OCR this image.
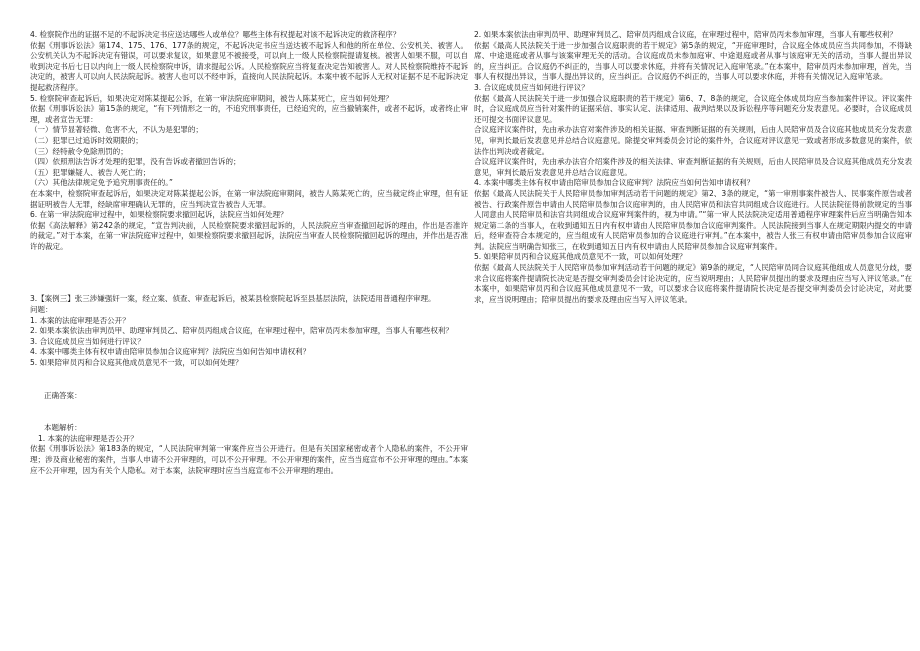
4. 检察院作出的证据不足的不起诉决定书应送达哪些人或单位？哪些主体有权提起对该不起诉决定的救济程序？

依据《刑事诉讼法》第174、175、176、177条的规定，不起诉决定书应当送达被不起诉人和他的所在单位、公安机关、被害人。公安机关认为不起诉决定有错误，可以要求复议，如果意见不被接受，可以向上一级人民检察院提请复核。被害人如果不服，可以自收到决定书后七日以内向上一级人民检察院申诉，请求提起公诉。人民检察院应当将复查决定告知被害人。对人民检察院维持不起诉决定的，被害人可以向人民法院起诉。被害人也可以不经申诉，直接向人民法院起诉。本案中被不起诉人无权对证据不足不起诉决定提起救济程序。

5. 检察院审查起诉后，如果决定对陈某提起公诉，在第一审法院庭审期间，被告人陈某死亡，应当如何处理？

依据《刑事诉讼法》第15条的规定，“有下列情形之一的，不追究刑事责任，已经追究的，应当撤销案件，或者不起诉，或者终止审理，或者宣告无罪：

（一）情节显著轻微、危害不大，不认为是犯罪的；

（二）犯罪已过追诉时效期限的；

（三）经特赦令免除刑罚的；

（四）依照刑法告诉才处理的犯罪，没有告诉或者撤回告诉的；

（五）犯罪嫌疑人、被告人死亡的；

（六）其他法律规定免予追究刑事责任的。”

在本案中，检察院审查起诉后，如果决定对陈某提起公诉，在第一审法院庭审期间，被告人陈某死亡的，应当裁定终止审理，但有证据证明被告人无罪，经缺席审理确认无罪的，应当判决宣告被告人无罪。

6. 在第一审法院庭审过程中，如果检察院要求撤回起诉，法院应当如何处理？

依据《高法解释》第242条的规定，“宣告判决前，人民检察院要求撤回起诉的，人民法院应当审查撤回起诉的理由，作出是否准许的裁定。”对于本案，在第一审法院庭审过程中，如果检察院要求撤回起诉，法院应当审查人民检察院撤回起诉的理由，并作出是否准许的裁定。

3.【案例三】张三涉嫌强奸一案，经立案、侦查、审查起诉后，被某县检察院起诉至县基层法院，法院适用普通程序审理。

问题：

1. 本案的法庭审理是否公开？

2. 如果本案依法由审判员甲、助理审判员乙、陪审员丙组成合议庭，在审理过程中，陪审员丙未参加审理，当事人有哪些权利？

3. 合议庭成员应当如何进行评议？

4. 本案中哪类主体有权申请由陪审员参加合议庭审判？法院应当如何告知申请权利？

5. 如果陪审员丙和合议庭其他成员意见不一致，可以如何处理？

正确答案：

本题解析：

1. 本案的法庭审理是否公开？

依据《刑事诉讼法》第183条的规定，“人民法院审判第一审案件应当公开进行。但是有关国家秘密或者个人隐私的案件，不公开审理；涉及商业秘密的案件，当事人申请不公开审理的，可以不公开审理。不公开审理的案件，应当当庭宣布不公开审理的理由。”本案应不公开审理，因为有关个人隐私。对于本案，法院审理时应当当庭宣布不公开审理的理由。

2. 如果本案依法由审判员甲、助理审判员乙、陪审员丙组成合议庭，在审理过程中，陪审员丙未参加审理，当事人有哪些权利？

依据《最高人民法院关于进一步加强合议庭职责的若干规定》第5条的规定，“开庭审理时，合议庭全体成员应当共同参加，不得缺席、中途退庭或者从事与该案审理无关的活动。合议庭成员未参加庭审、中途退庭或者从事与该庭审无关的活动，当事人提出异议的，应当纠正。合议庭仍不纠正的，当事人可以要求休庭，并将有关情况记入庭审笔录。”在本案中，陪审员丙未参加审理，首先，当事人有权提出异议，当事人提出异议的，应当纠正。合议庭仍不纠正的，当事人可以要求休庭，并将有关情况记入庭审笔录。

3. 合议庭成员应当如何进行评议？

依据《最高人民法院关于进一步加强合议庭职责的若干规定》第6、7、8条的规定，合议庭全体成员均应当参加案件评议。评议案件时，合议庭成员应当针对案件的证据采信、事实认定、法律适用、裁判结果以及诉讼程序等问题充分发表意见。必要时，合议庭成员还可提交书面评议意见。

合议庭评议案件时，先由承办法官对案件涉及的相关证据、审查判断证据的有关规则，后由人民陪审员及合议庭其他成员充分发表意见，审判长最后发表意见并总结合议庭意见。除提交审判委员会讨论的案件外，合议庭对评议意见一致或者形成多数意见的案件，依法作出判决或者裁定。

合议庭评议案件时，先由承办法官介绍案件涉及的相关法律、审查判断证据的有关规则，后由人民陪审员及合议庭其他成员充分发表意见，审判长最后发表意见并总结合议庭意见。

4. 本案中哪类主体有权申请由陪审员参加合议庭审判？法院应当如何告知申请权利？

依据《最高人民法院关于人民陪审员参加审判活动若干问题的规定》第2、3条的规定，“第一审刑事案件被告人、民事案件原告或者被告、行政案件原告申请由人民陪审员参加合议庭审判的，由人民陪审员和法官共同组成合议庭进行。人民法院征得前款规定的当事人同意由人民陪审员和法官共同组成合议庭审判案件的，视为申请。”“第一审人民法院决定适用普通程序审理案件后应当明确告知本规定第二条的当事人，在收到通知五日内有权申请由人民陪审员参加合议庭审判案件。人民法院接到当事人在规定期限内提交的申请后，经审查符合本规定的，应当组成有人民陪审员参加的合议庭进行审判。”在本案中，被告人张三有权申请由陪审员参加合议庭审判。法院应当明确告知张三，在收到通知五日内有权申请由人民陪审员参加合议庭审判案件。

5. 如果陪审员丙和合议庭其他成员意见不一致，可以如何处理？

依据《最高人民法院关于人民陪审员参加审判活动若干问题的规定》第9条的规定，“人民陪审员同合议庭其他组成人员意见分歧，要求合议庭将案件提请院长决定是否提交审判委员会讨论决定的，应当说明理由；人民陪审员提出的要求及理由应当写入评议笔录。”在本案中，如果陪审员丙和合议庭其他成员意见不一致，可以要求合议庭将案件提请院长决定是否提交审判委员会讨论决定，对此要求，应当说明理由；陪审员提出的要求及理由应当写入评议笔录。
